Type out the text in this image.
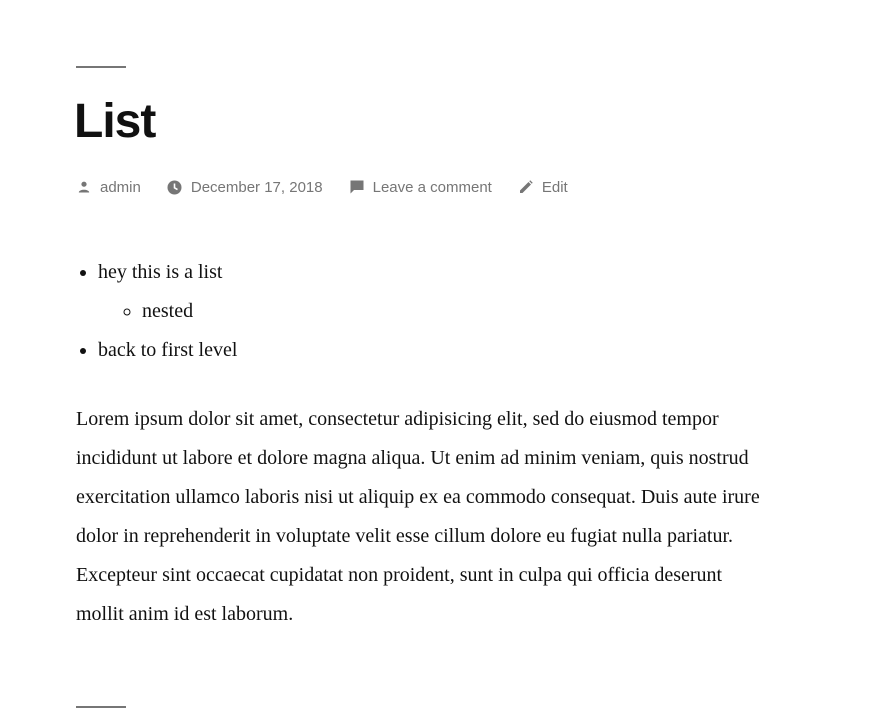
List
admin	December 17, 2018	Leave a comment	Edit
• hey this is a list
◦ nested
• back to first level

Lorem ipsum dolor sit amet, consectetur adipisicing elit, sed do eiusmod tempor incididunt ut labore et dolore magna aliqua. Ut enim ad minim veniam, quis nostrud exercitation ullamco laboris nisi ut aliquip ex ea commodo consequat. Duis aute irure dolor in reprehenderit in voluptate velit esse cillum dolore eu fugiat nulla pariatur. Excepteur sint occaecat cupidatat non proident, sunt in culpa qui officia deserunt mollit anim id est laborum.
